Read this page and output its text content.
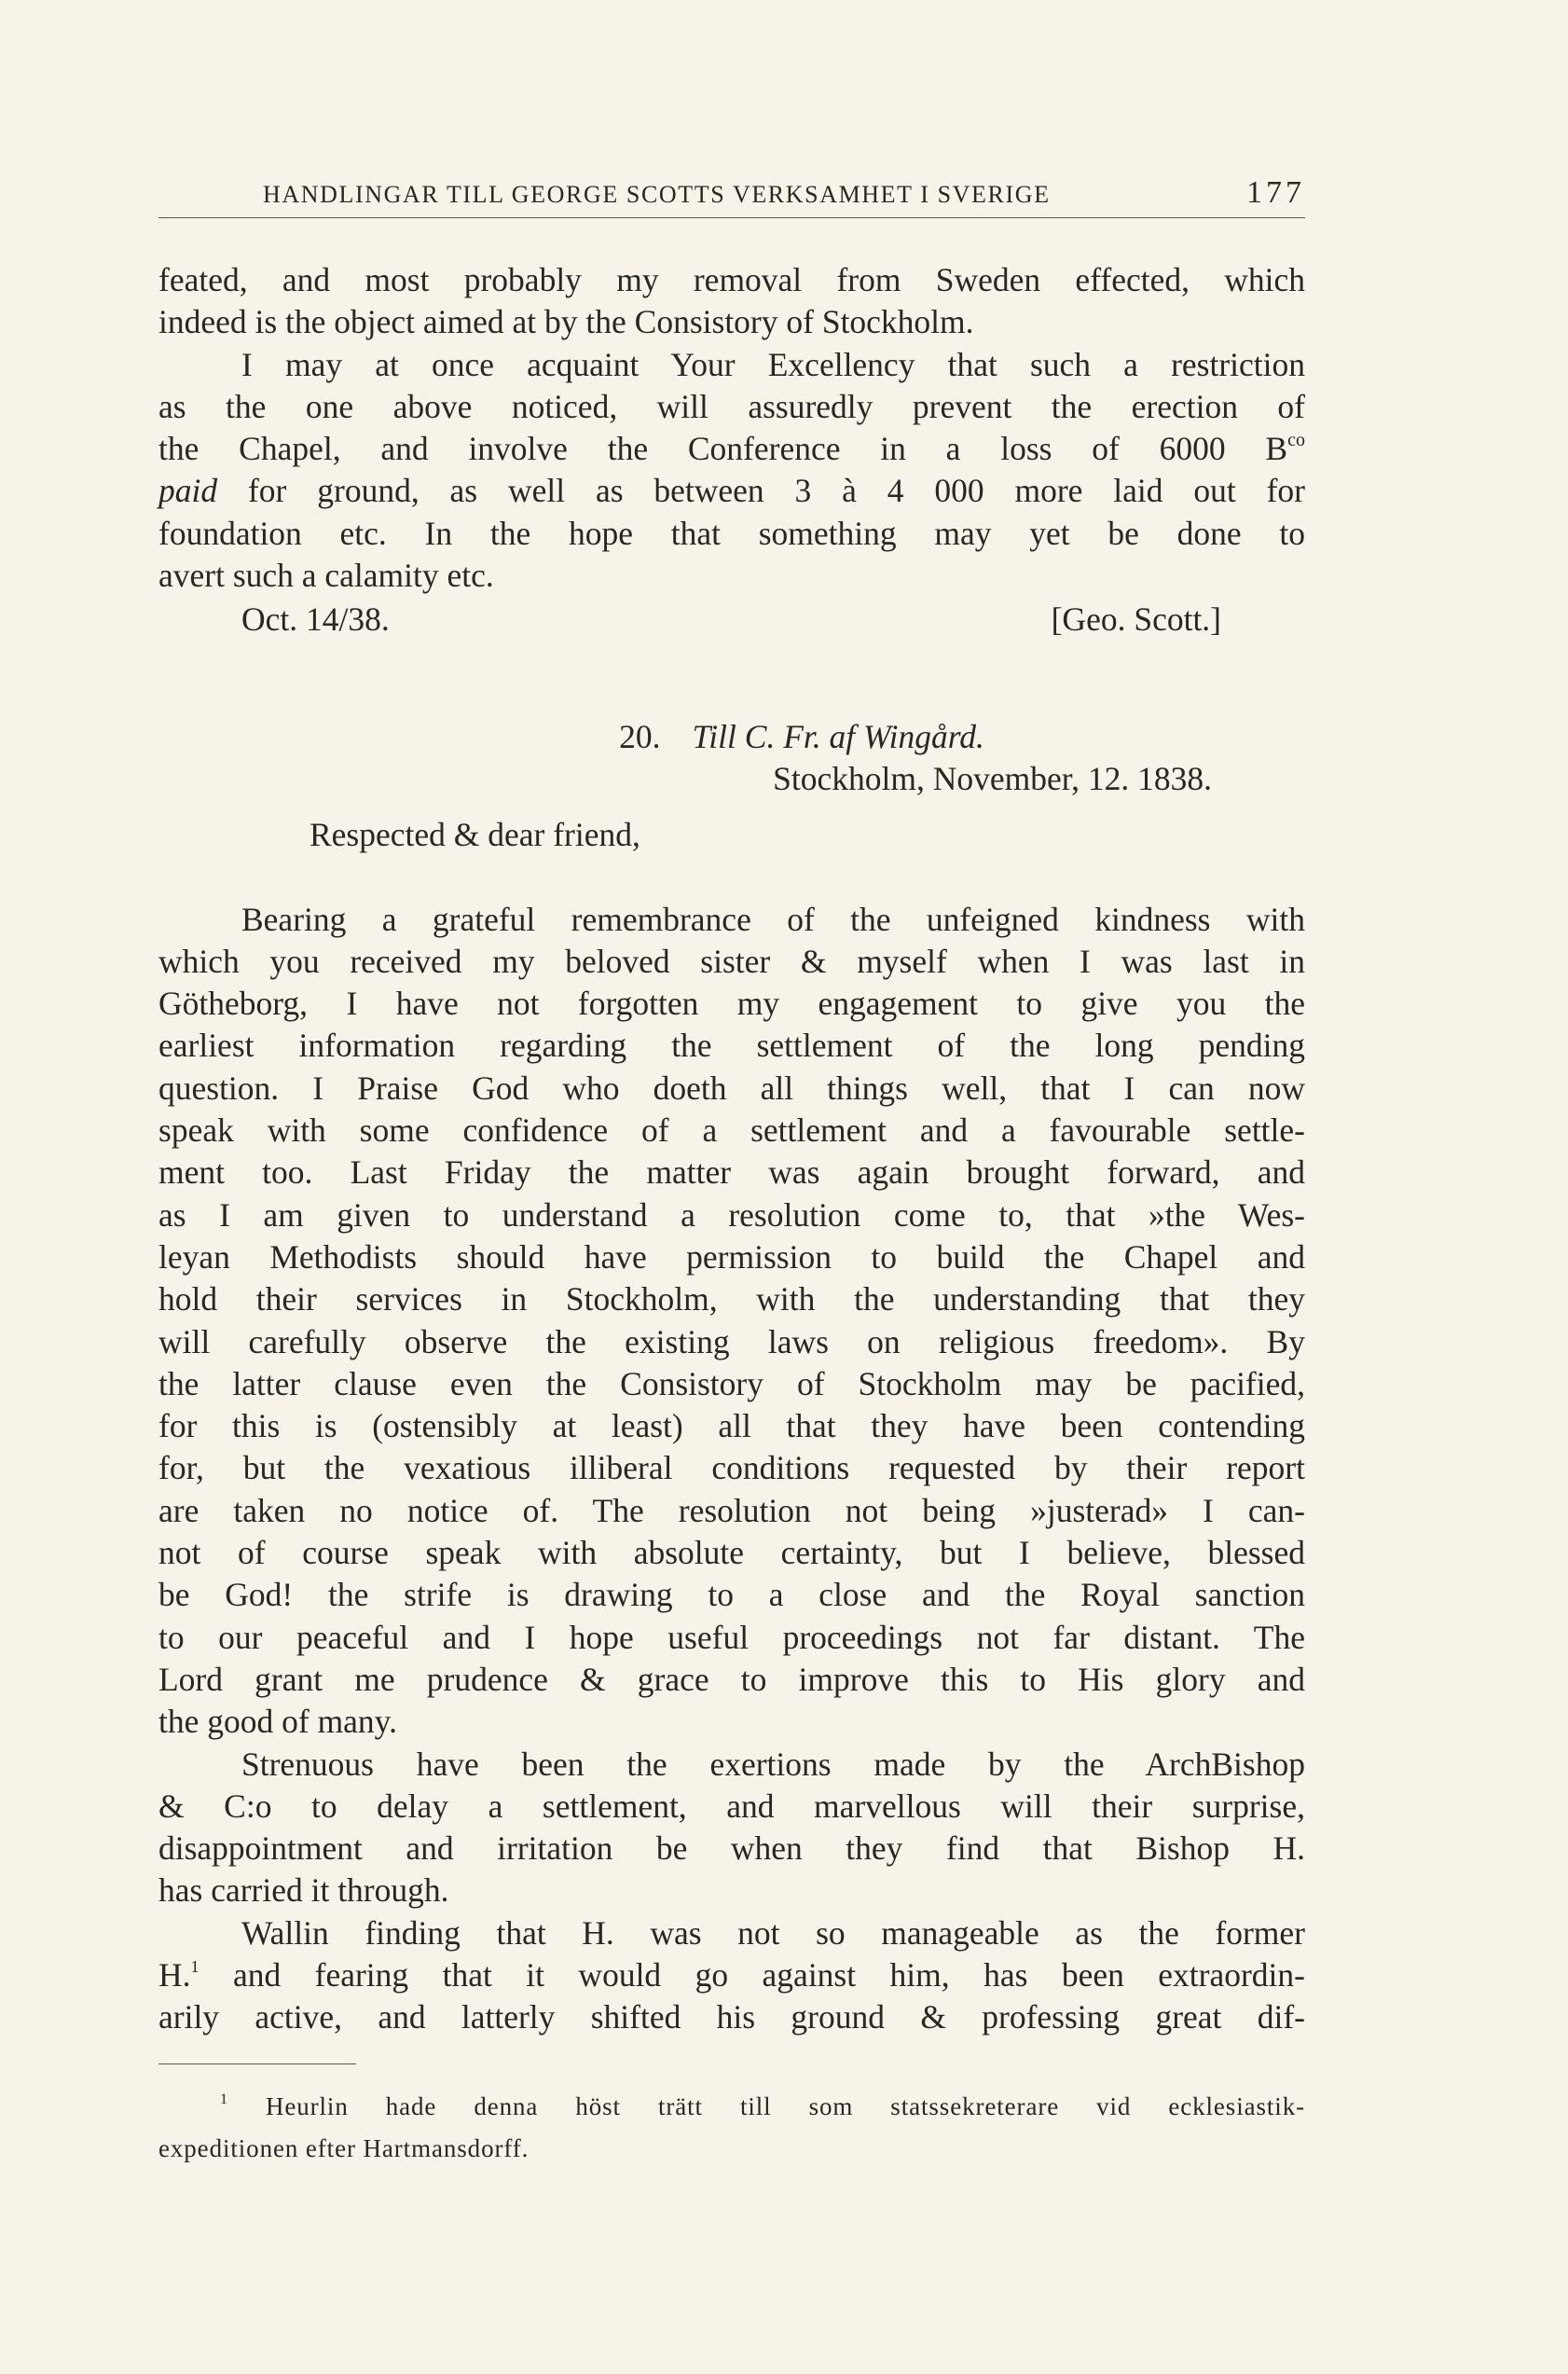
HANDLINGAR TILL GEORGE SCOTTS VERKSAMHET I SVERIGE	177

feated, and most probably my removal from Sweden effected, which

indeed is the object aimed at by the Consistory of Stockholm.

I may at once acquaint Your Excellency that such a restriction

as the one above noticed, will assuredly prevent the erection of

the Chapel, and involve the Conference in a loss of 6000 $B^{co}$

paid for ground, as well as between 3 à 4 000 more laid out for

foundation etc. In the hope that something may yet be done to

avert such a calamity etc.

Oct. 14/38.	[Geo. Scott.]
20. Till C. Fr. af Wingård.
Stockholm, November, 12. 1838.
Respected & dear friend,

Bearing a grateful remembrance of the unfeigned kindness with

which you received my beloved sister & myself when I was last in

Götheborg, I have not forgotten my engagement to give you the

earliest information regarding the settlement of the long pending

question. I Praise God who doeth all things well, that I can now

speak with some confidence of a settlement and a favourable settle-

ment too. Last Friday the matter was again brought forward, and

as I am given to understand a resolution come to, that »the Wes-

leyan Methodists should have permission to build the Chapel and

hold their services in Stockholm, with the understanding that they

will carefully observe the existing laws on religious freedom». By

the latter clause even the Consistory of Stockholm may be pacified,

for this is (ostensibly at least) all that they have been contending

for, but the vexatious illiberal conditions requested by their report

are taken no notice of. The resolution not being »justerad» I can-

not of course speak with absolute certainty, but I believe, blessed

be God! the strife is drawing to a close and the Royal sanction

to our peaceful and I hope useful proceedings not far distant. The

Lord grant me prudence & grace to improve this to His glory and

the good of many.

Strenuous have been the exertions made by the ArchBishop

& C:o to delay a settlement, and marvellous will their surprise,

disappointment and irritation be when they find that Bishop H.

has carried it through.

Wallin finding that H. was not so manageable as the former

H.$^1$ and fearing that it would go against him, has been extraordin-

arily active, and latterly shifted his ground & professing great dif-

$^1$ Heurlin hade denna höst trätt till som statssekreterare vid ecklesiastik-

expeditionen efter Hartmansdorff.
